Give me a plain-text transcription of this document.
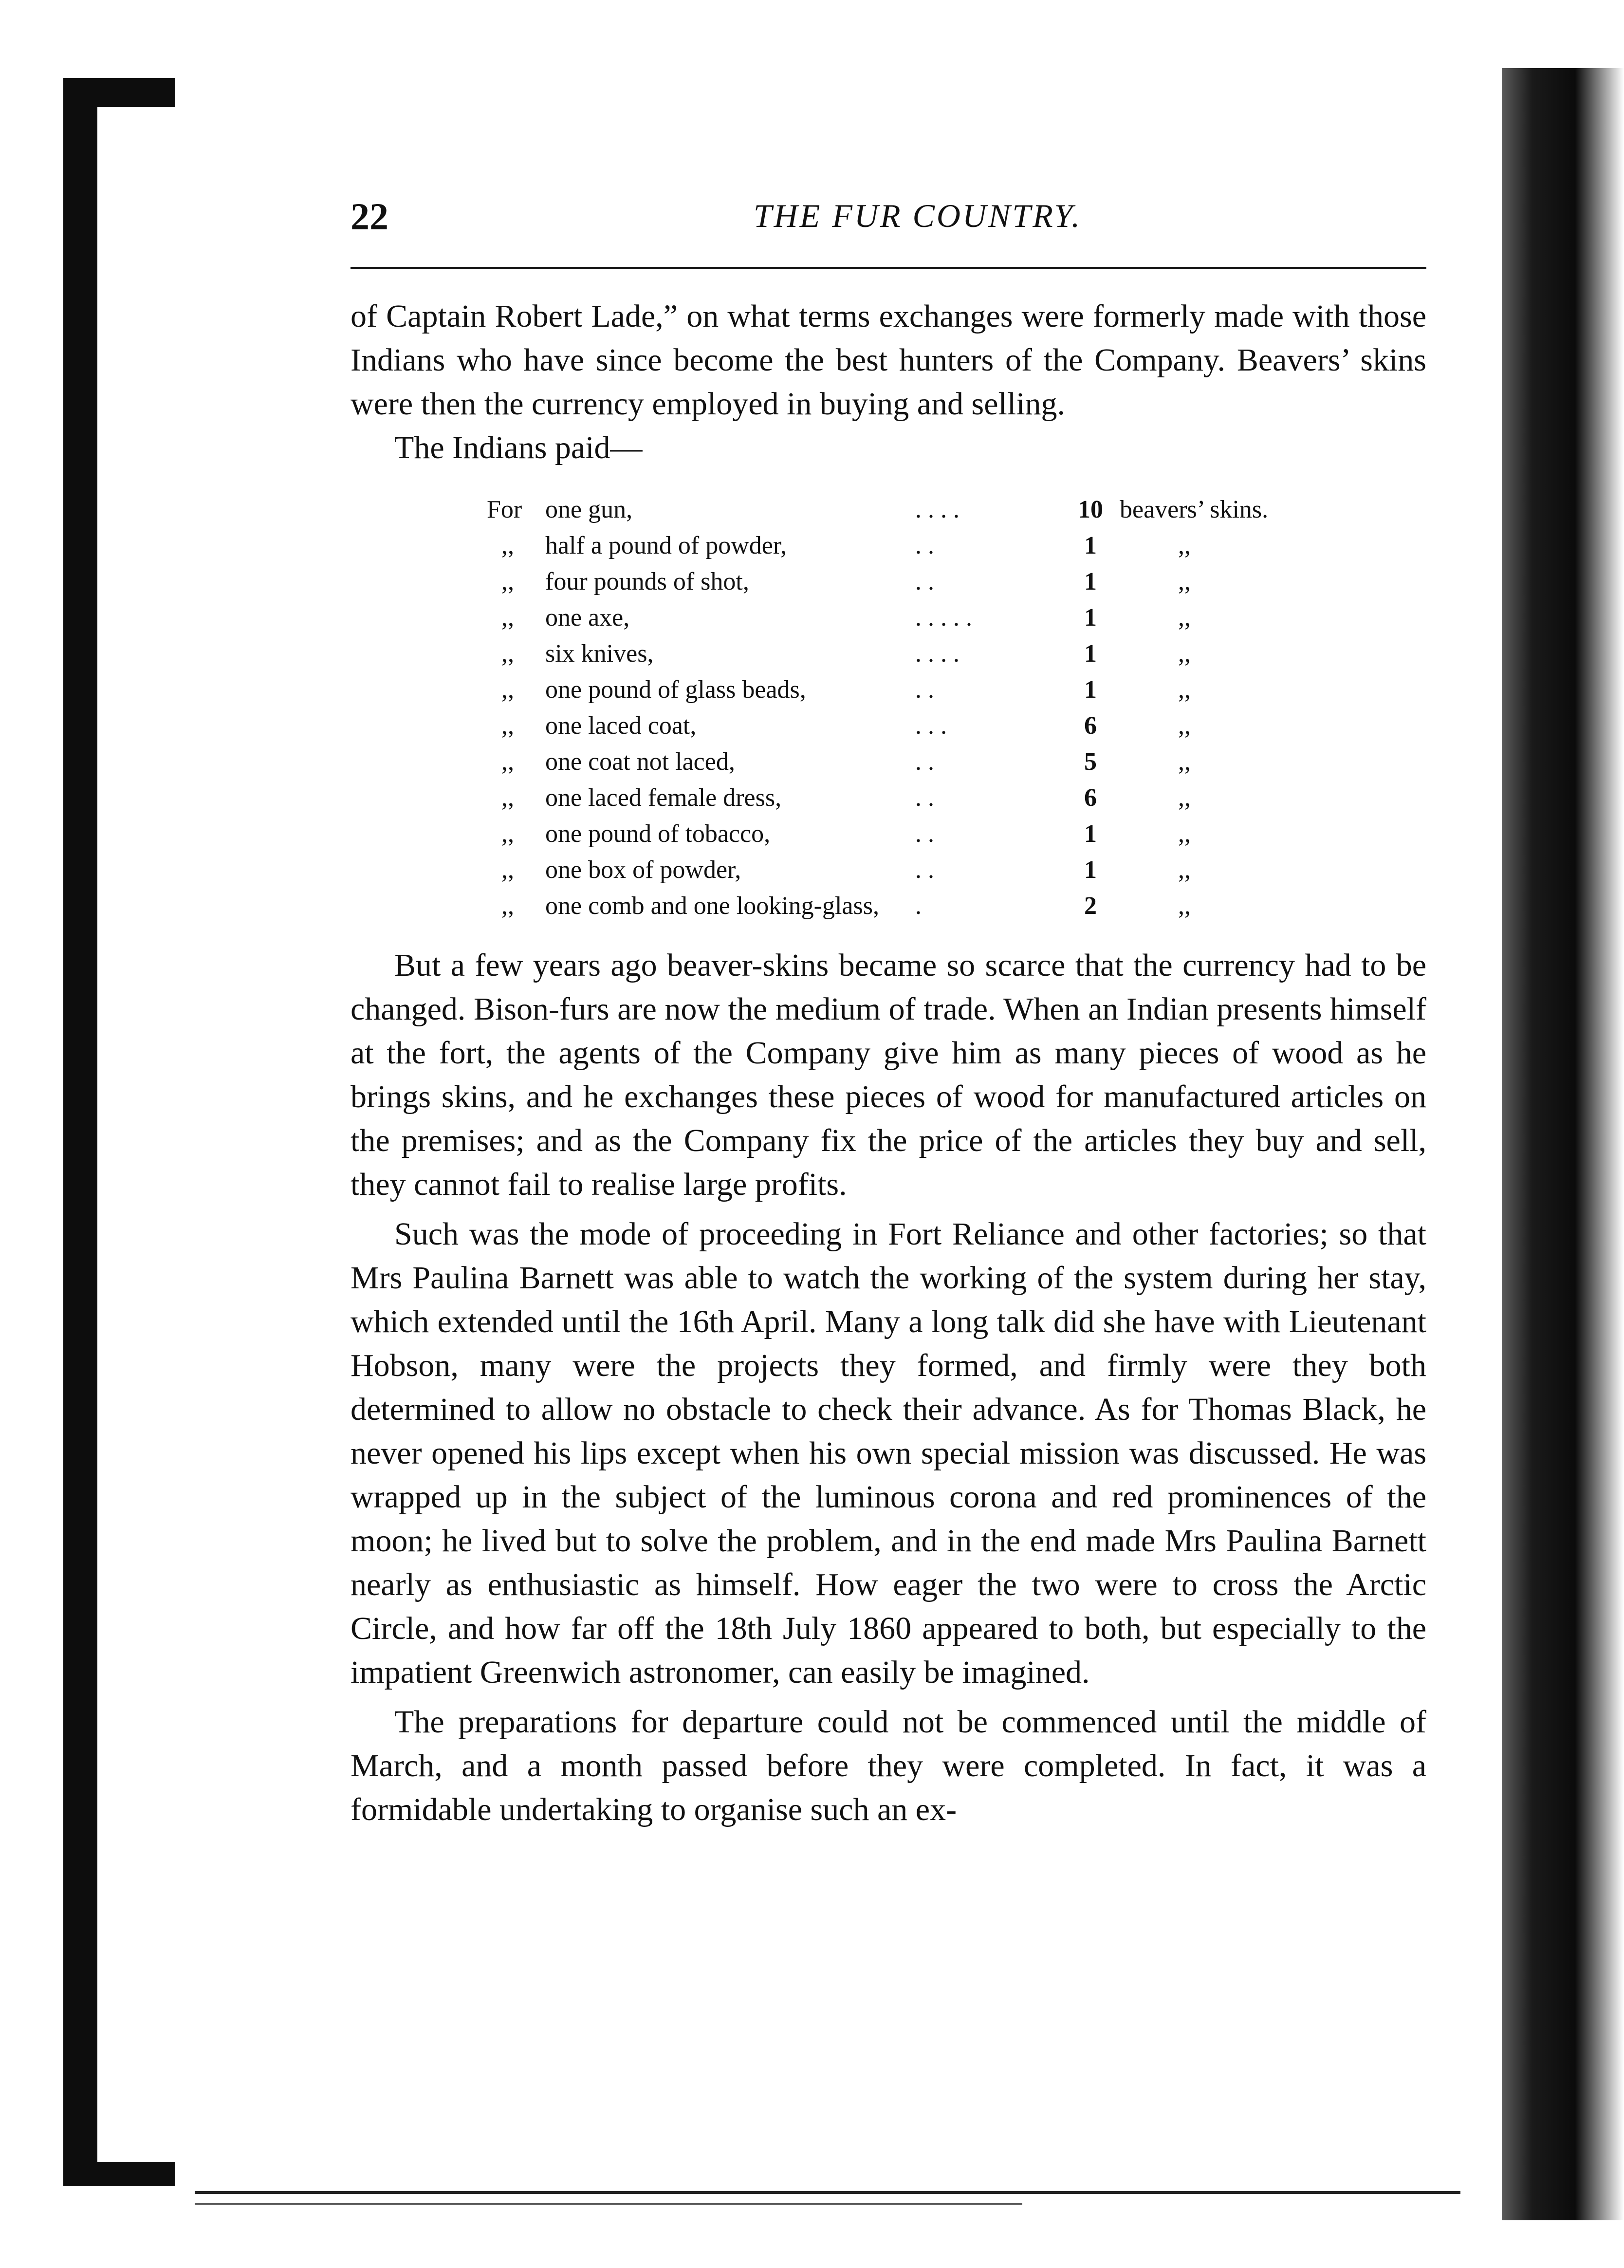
22	THE FUR COUNTRY.

of Captain Robert Lade,” on what terms exchanges were formerly made with those Indians who have since become the best hunters of the Company. Beavers’ skins were then the currency employed in buying and selling.

The Indians paid—

For one gun,	. . . .	10 beavers’ skins.
,, half a pound of powder,	. .	1	,,
,, four pounds of shot,	. .	1	,,
,, one axe,	. . . . .	1	,,
,, six knives,	. . . .	1	,,
,, one pound of glass beads,	. .	1	,,
,, one laced coat,	. . .	6	,,
,, one coat not laced,	. .	5	,,
,, one laced female dress,	. .	6	,,
,, one pound of tobacco,	. .	1	,,
,, one box of powder,	. .	1	,,
,, one comb and one looking-glass, .	2	,,

But a few years ago beaver-skins became so scarce that the currency had to be changed. Bison-furs are now the medium of trade. When an Indian presents himself at the fort, the agents of the Company give him as many pieces of wood as he brings skins, and he exchanges these pieces of wood for manufactured articles on the premises; and as the Company fix the price of the articles they buy and sell, they cannot fail to realise large profits.

Such was the mode of proceeding in Fort Reliance and other factories; so that Mrs Paulina Barnett was able to watch the working of the system during her stay, which extended until the 16th April. Many a long talk did she have with Lieutenant Hobson, many were the projects they formed, and firmly were they both determined to allow no obstacle to check their advance. As for Thomas Black, he never opened his lips except when his own special mission was discussed. He was wrapped up in the subject of the luminous corona and red prominences of the moon; he lived but to solve the problem, and in the end made Mrs Paulina Barnett nearly as enthusiastic as himself. How eager the two were to cross the Arctic Circle, and how far off the 18th July 1860 appeared to both, but especially to the impatient Greenwich astronomer, can easily be imagined.

The preparations for departure could not be commenced until the middle of March, and a month passed before they were completed. In fact, it was a formidable undertaking to organise such an ex-
